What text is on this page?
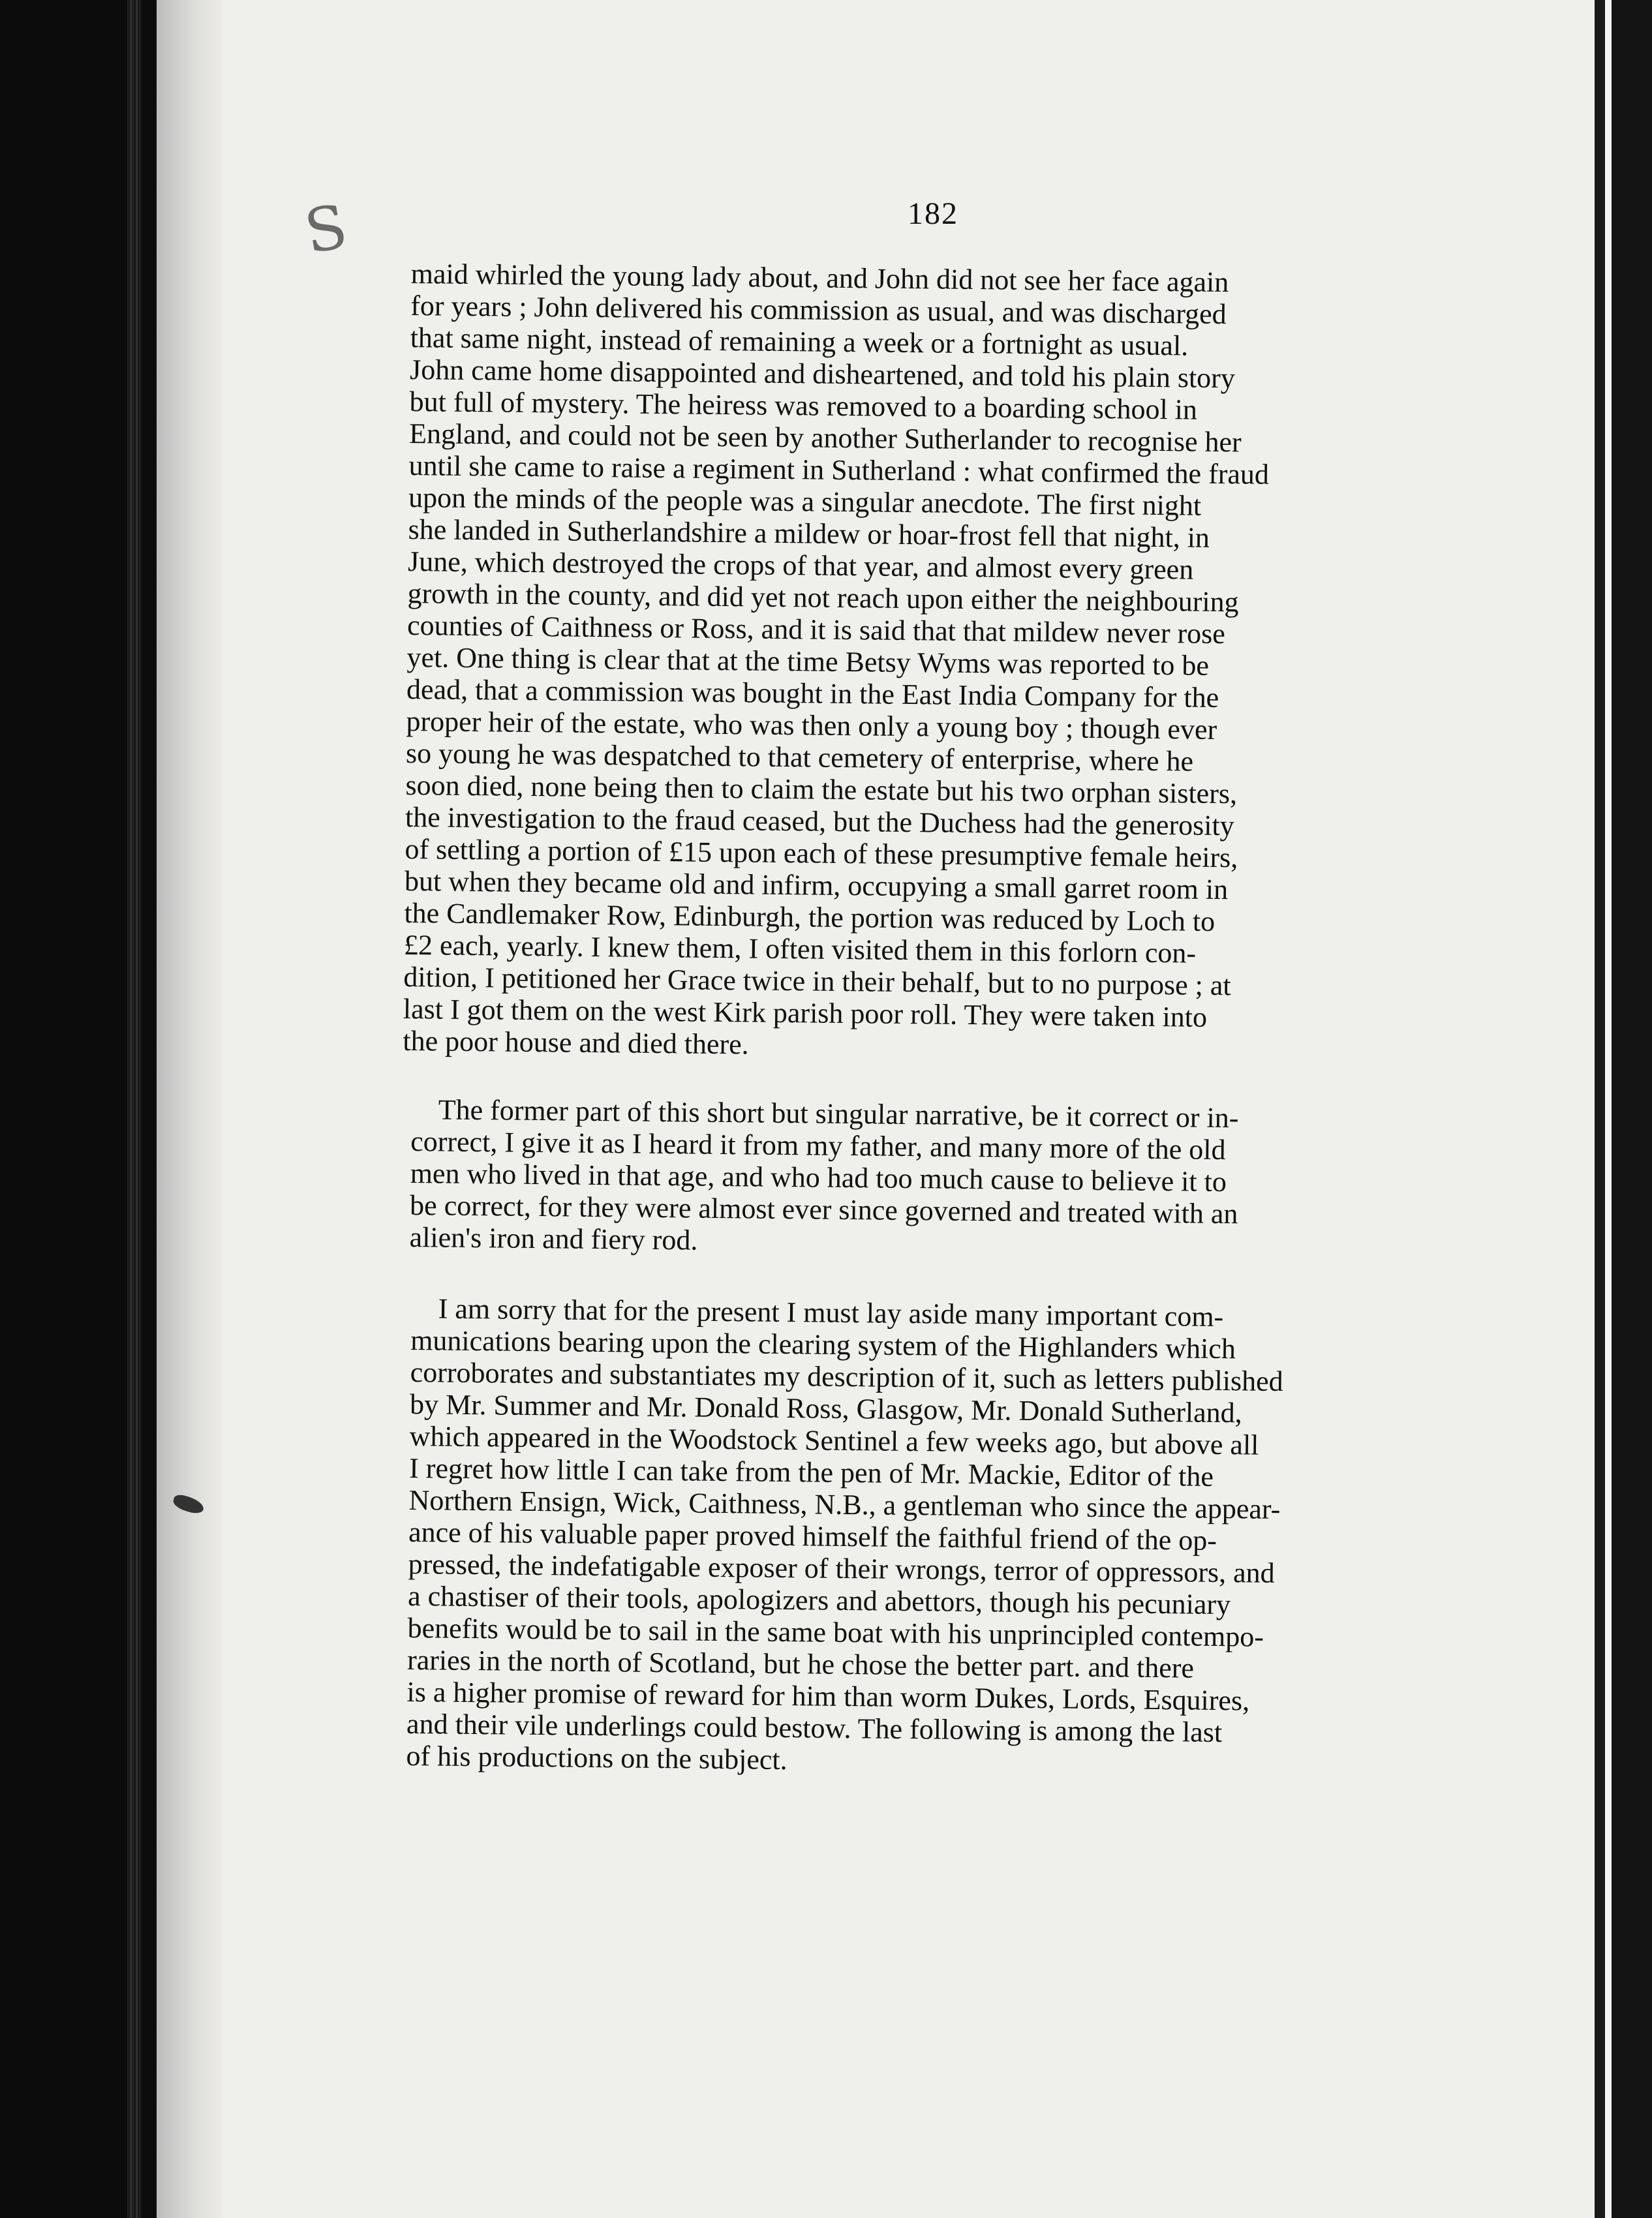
S	182

maid whirled the young lady about, and John did not see her face again
for years ; John delivered his commission as usual, and was discharged
that same night, instead of remaining a week or a fortnight as usual.
John came home disappointed and disheartened, and told his plain story
but full of mystery. The heiress was removed to a boarding school in
England, and could not be seen by another Sutherlander to recognise her
until she came to raise a regiment in Sutherland : what confirmed the fraud
upon the minds of the people was a singular anecdote. The first night
she landed in Sutherlandshire a mildew or hoar-frost fell that night, in
June, which destroyed the crops of that year, and almost every green
growth in the county, and did yet not reach upon either the neighbouring
counties of Caithness or Ross, and it is said that that mildew never rose
yet. One thing is clear that at the time Betsy Wyms was reported to be
dead, that a commission was bought in the East India Company for the
proper heir of the estate, who was then only a young boy ; though ever
so young he was despatched to that cemetery of enterprise, where he
soon died, none being then to claim the estate but his two orphan sisters,
the investigation to the fraud ceased, but the Duchess had the generosity
of settling a portion of £15 upon each of these presumptive female heirs,
but when they became old and infirm, occupying a small garret room in
the Candlemaker Row, Edinburgh, the portion was reduced by Loch to
£2 each, yearly. I knew them, I often visited them in this forlorn con-
dition, I petitioned her Grace twice in their behalf, but to no purpose ; at
last I got them on the west Kirk parish poor roll. They were taken into
the poor house and died there.

The former part of this short but singular narrative, be it correct or in-
correct, I give it as I heard it from my father, and many more of the old
men who lived in that age, and who had too much cause to believe it to
be correct, for they were almost ever since governed and treated with an
alien's iron and fiery rod.

I am sorry that for the present I must lay aside many important com-
munications bearing upon the clearing system of the Highlanders which
corroborates and substantiates my description of it, such as letters published
by Mr. Summer and Mr. Donald Ross, Glasgow, Mr. Donald Sutherland,
which appeared in the Woodstock Sentinel a few weeks ago, but above all
I regret how little I can take from the pen of Mr. Mackie, Editor of the
Northern Ensign, Wick, Caithness, N.B., a gentleman who since the appear-
ance of his valuable paper proved himself the faithful friend of the op-
pressed, the indefatigable exposer of their wrongs, terror of oppressors, and
a chastiser of their tools, apologizers and abettors, though his pecuniary
benefits would be to sail in the same boat with his unprincipled contempo-
raries in the north of Scotland, but he chose the better part. and there
is a higher promise of reward for him than worm Dukes, Lords, Esquires,
and their vile underlings could bestow. The following is among the last
of his productions on the subject.
